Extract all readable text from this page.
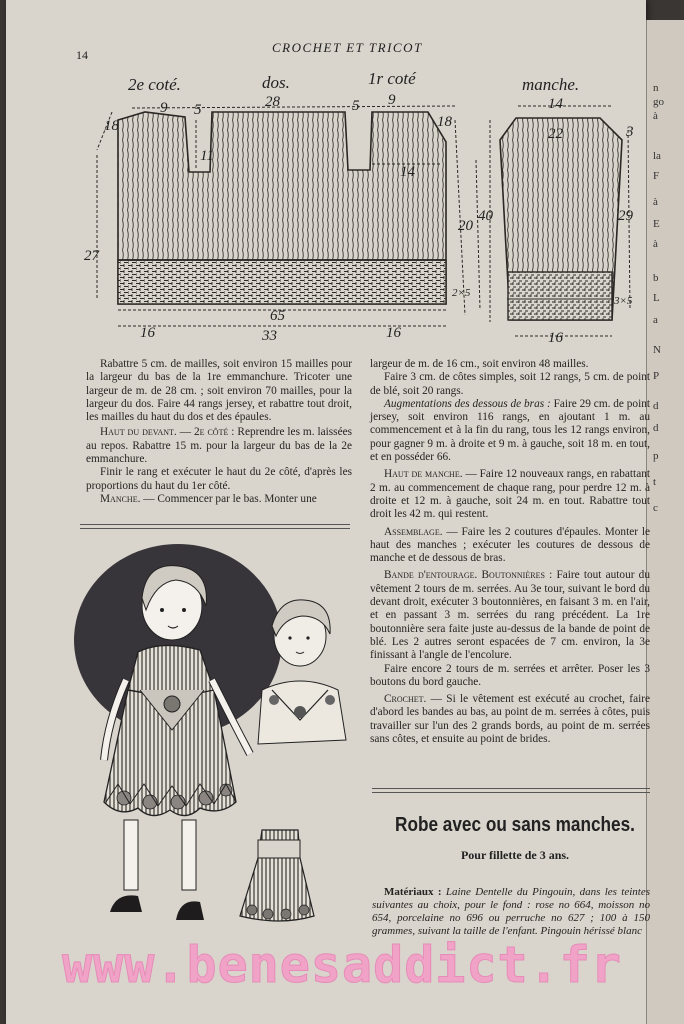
n
go
à
la
F
à
E
à
b
L
a
N
P
d
d
p
t
c
14	CROCHET ET TRICOT
2e coté.	dos.	1r coté	manche.
9 5	28	5 9
11
14
20
27
65
16	33	16
18	18
2×5
40
14
22
29
3
3×5
16

Rabattre 5 cm. de mailles, soit environ 15 mailles pour la largeur du bas de la 1re emmanchure. Tricoter une largeur de m. de 28 cm. ; soit environ 70 mailles, pour la largeur du dos. Faire 44 rangs jersey, et rabattre tout droit, les mailles du haut du dos et des épaules.

Haut du devant. — 2e côté : Reprendre les m. laissées au repos. Rabattre 15 m. pour la largeur du bas de la 2e emmanchure.

Finir le rang et exécuter le haut du 2e côté, d'après les proportions du haut du 1er côté.

Manche. — Commencer par le bas. Monter une

largeur de m. de 16 cm., soit environ 48 mailles.

Faire 3 cm. de côtes simples, soit 12 rangs, 5 cm. de point de blé, soit 20 rangs.

Augmentations des dessous de bras : Faire 29 cm. de point jersey, soit environ 116 rangs, en ajoutant 1 m. au commencement et à la fin du rang, tous les 12 rangs environ, pour gagner 9 m. à droite et 9 m. à gauche, soit 18 m. en tout, et en posséder 66.

Haut de manche. — Faire 12 nouveaux rangs, en rabattant 2 m. au commencement de chaque rang, pour perdre 12 m. à droite et 12 m. à gauche, soit 24 m. en tout. Rabattre tout droit les 42 m. qui restent.

Assemblage. — Faire les 2 coutures d'épaules. Monter le haut des manches ; exécuter les coutures de dessous de manche et de dessous de bras.

Bande d'entourage. Boutonnières : Faire tout autour du vêtement 2 tours de m. serrées. Au 3e tour, suivant le bord du devant droit, exécuter 3 boutonnières, en faisant 3 m. en l'air, et en passant 3 m. serrées du rang précédent. La 1re boutonnière sera faite juste au-dessus de la bande de point de blé. Les 2 autres seront espacées de 7 cm. environ, la 3e finissant à l'angle de l'encolure.

Faire encore 2 tours de m. serrées et arrêter. Poser les 3 boutons du bord gauche.

Crochet. — Si le vêtement est exécuté au crochet, faire d'abord les bandes au bas, au point de m. serrées à côtes, puis travailler sur l'un des 2 grands bords, au point de m. serrées sans côtes, et ensuite au point de brides.

Robe avec ou sans manches.
Pour fillette de 3 ans.

Matériaux : Laine Dentelle du Pingouin, dans les teintes suivantes au choix, pour le fond : rose no 664, moisson no 654, porcelaine no 696 ou perruche no 627 ; 100 à 150 grammes, suivant la taille de l'enfant. Pingouin hérissé blanc

www.benesaddict.fr
